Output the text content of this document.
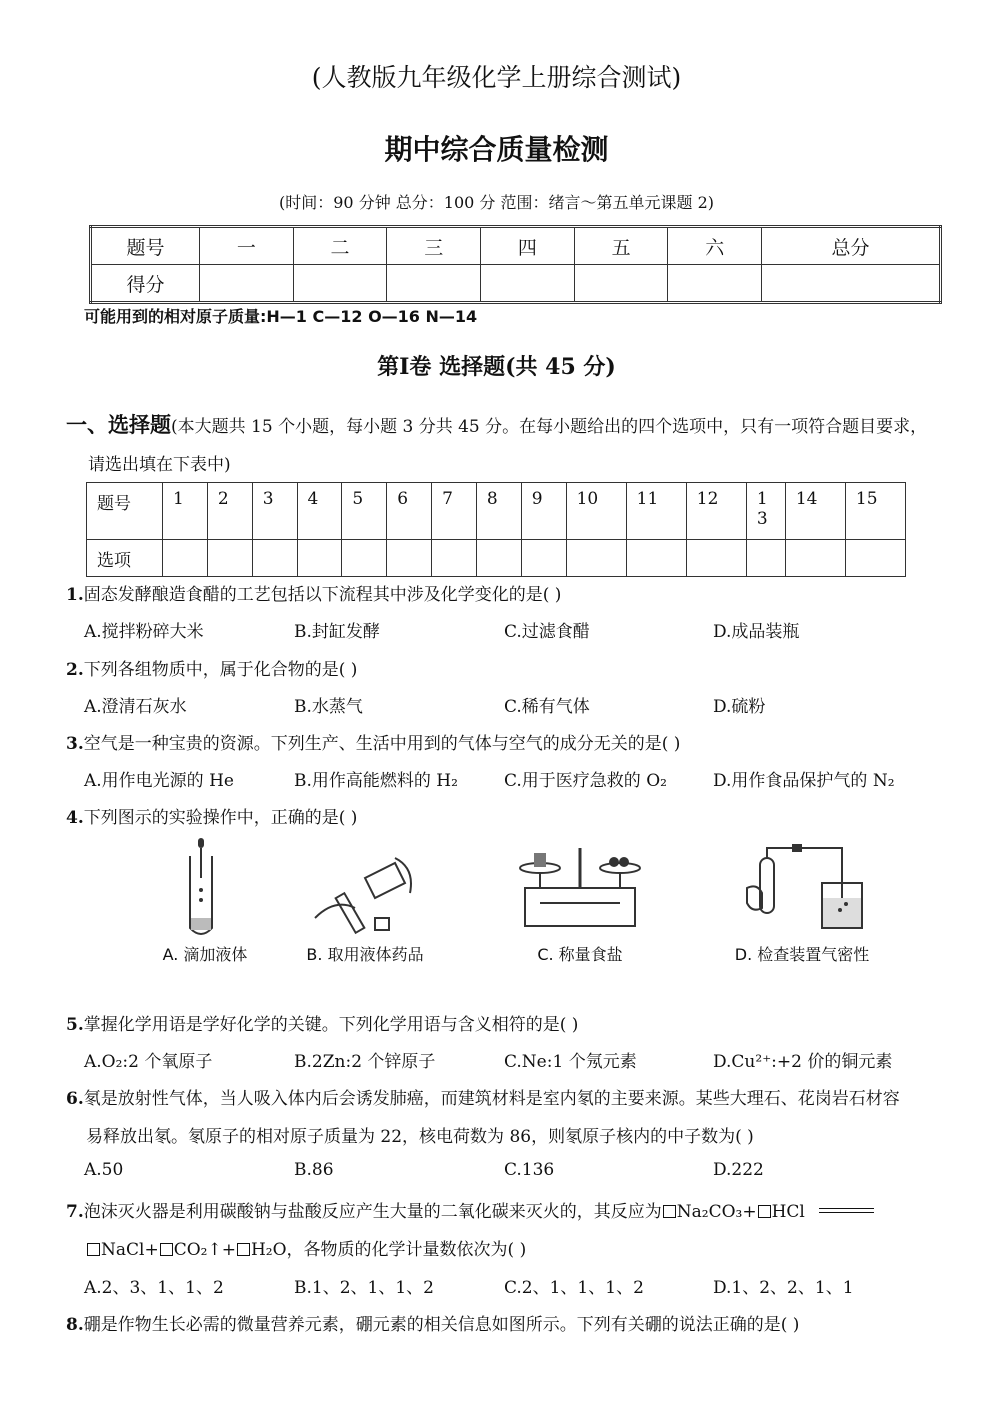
(人教版九年级化学上册综合测试)
期中综合质量检测
(时间：90 分钟 总分：100 分 范围：绪言～第五单元课题 2)
题号	一	二	三	四	五	六	总分
得分							
可能用到的相对原子质量:H—1 C—12 O—16 N—14
第Ⅰ卷 选择题(共 45 分)
一、选择题(本大题共 15 个小题，每小题 3 分共 45 分。在每小题给出的四个选项中，只有一项符合题目要求，
请选出填在下表中)
题号	1	2	3	4	5	6	7	8	9	10	11	12	1 3	14	15
选项															
1.固态发酵酿造食醋的工艺包括以下流程其中涉及化学变化的是( )
A.搅拌粉碎大米	B.封缸发酵	C.过滤食醋	D.成品装瓶
2.下列各组物质中，属于化合物的是( )
A.澄清石灰水	B.水蒸气	C.稀有气体	D.硫粉
3.空气是一种宝贵的资源。下列生产、生活中用到的气体与空气的成分无关的是( )
A.用作电光源的 He	B.用作高能燃料的 H₂	C.用于医疗急救的 O₂	D.用作食品保护气的 N₂
4.下列图示的实验操作中，正确的是( )
A. 滴加液体	B. 取用液体药品	C. 称量食盐	D. 检查装置气密性
5.掌握化学用语是学好化学的关键。下列化学用语与含义相符的是( )
A.O₂:2 个氧原子	B.2Zn:2 个锌原子	C.Ne:1 个氖元素	D.Cu²⁺:+2 价的铜元素
6.氡是放射性气体，当人吸入体内后会诱发肺癌，而建筑材料是室内氡的主要来源。某些大理石、花岗岩石材容
易释放出氡。氡原子的相对原子质量为 22，核电荷数为 86，则氡原子核内的中子数为( )
A.50	B.86	C.136	D.222
7.泡沫灭火器是利用碳酸钠与盐酸反应产生大量的二氧化碳来灭火的，其反应为 Na₂CO₃+ HCl
NaCl+ CO₂↑+ H₂O，各物质的化学计量数依次为( )
A.2、3、1、1、2	B.1、2、1、1、2	C.2、1、1、1、2	D.1、2、2、1、1
8.硼是作物生长必需的微量营养元素，硼元素的相关信息如图所示。下列有关硼的说法正确的是( )
